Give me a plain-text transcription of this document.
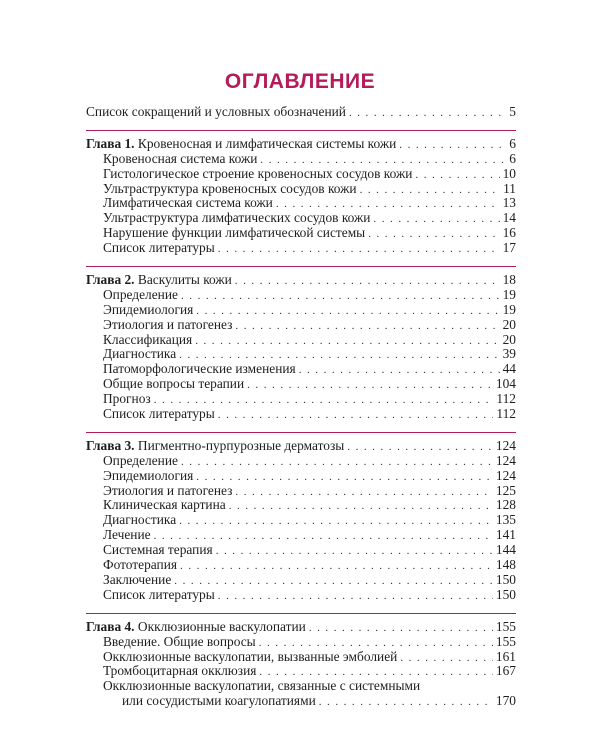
ОГЛАВЛЕНИЕ
Список сокращений и условных обозначений . . .	5
Глава 1. Кровеносная и лимфатическая системы кожи . . .	6
Кровеносная система кожи . . .	6
Гистологическое строение кровеносных сосудов кожи . . .	10
Ультраструктура кровеносных сосудов кожи . . .	11
Лимфатическая система кожи . . .	13
Ультраструктура лимфатических сосудов кожи . . .	14
Нарушение функции лимфатической системы . . .	16
Список литературы . . .	17
Глава 2. Васкулиты кожи . . .	18
Определение . . .	19
Эпидемиология . . .	19
Этиология и патогенез . . .	20
Классификация . . .	20
Диагностика . . .	39
Патоморфологические изменения . . .	44
Общие вопросы терапии . . .	104
Прогноз . . .	112
Список литературы . . .	112
Глава 3. Пигментно-пурпурозные дерматозы . . .	124
Определение . . .	124
Эпидемиология . . .	124
Этиология и патогенез . . .	125
Клиническая картина . . .	128
Диагностика . . .	135
Лечение . . .	141
Системная терапия . . .	144
Фототерапия . . .	148
Заключение . . .	150
Список литературы . . .	150
Глава 4. Окклюзионные васкулопатии . . .	155
Введение. Общие вопросы . . .	155
Окклюзионные васкулопатии, вызванные эмболией . . .	161
Тромбоцитарная окклюзия . . .	167
Окклюзионные васкулопатии, связанные с системными
или сосудистыми коагулопатиями . . .	170
